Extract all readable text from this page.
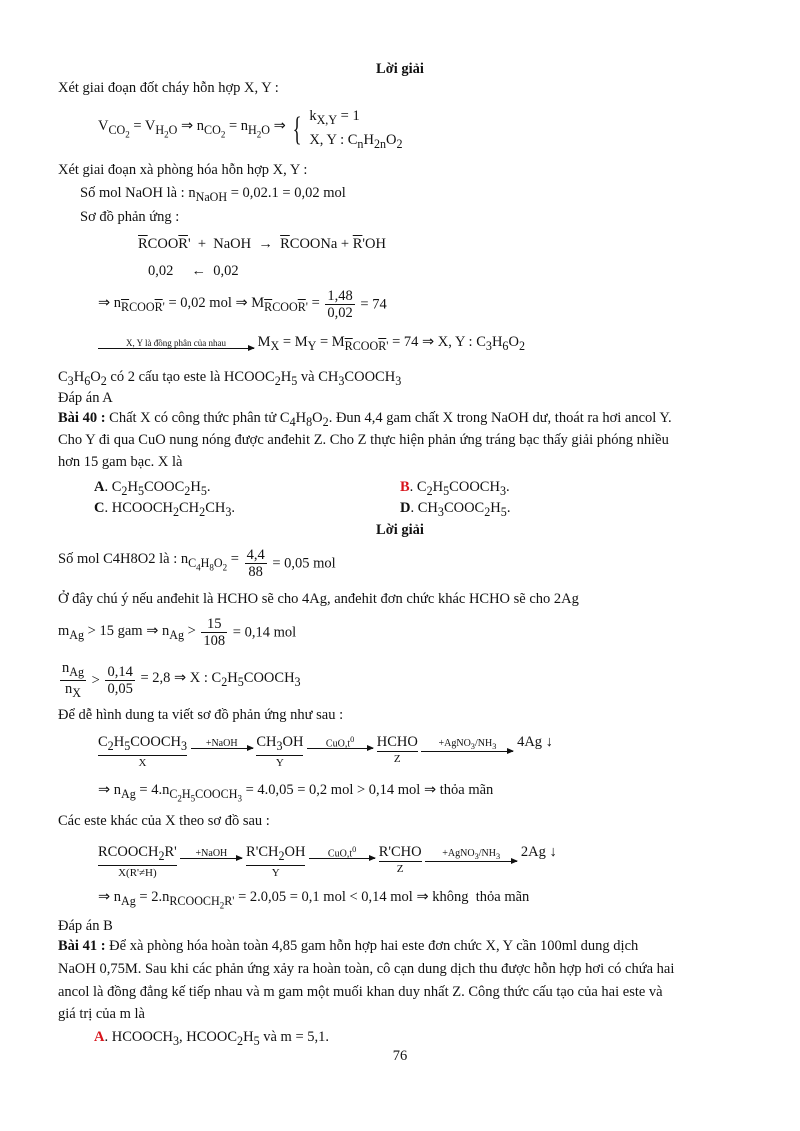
Lời giải
Xét giai đoạn đốt cháy hỗn hợp X, Y :
$V_{CO_2} = V_{H_2O}$ ⇒ $n_{CO_2} = n_{H_2O}$ ⇒ { $k_{X,Y} = 1$
X, Y : $C_nH_{2n}O_2$
Xét giai đoạn xà phòng hóa hỗn hợp X, Y :
Số mol NaOH là : $n_{NaOH} = 0,02.1 = 0,02$ mol
Sơ đồ phản ứng :
$\overline{R}COO\overline{R}'$  +  NaOH  →  $\overline{R}COONa + \overline{R}'OH$
0,02     ←  0,02
⇒ $n_{\overline{R}COO\overline{R}'} = 0,02$ mol ⇒ $M_{\overline{R}COO\overline{R}'} = \frac{1,48}{0,02} = 74$
X, Y là đồng phân của nhau	$M_X = M_Y = M_{\overline{R}COO\overline{R}'} = 74$ ⇒ X, Y : $C_3H_6O_2$
$C_3H_6O_2$ có 2 cấu tạo este là $HCOOC_2H_5$ và $CH_3COOCH_3$
Đáp án A
Bài 40 : Chất X có công thức phân tử $C_4H_8O_2$. Đun 4,4 gam chất X trong NaOH dư, thoát ra hơi ancol Y.
Cho Y đi qua CuO nung nóng được anđehit Z. Cho Z thực hiện phản ứng tráng bạc thấy giải phóng nhiều
hơn 15 gam bạc. X là
A. $C_2H_5COOC_2H_5$.	B. $C_2H_5COOCH_3$.
C. $HCOOCH_2CH_2CH_3$.	D. $CH_3COOC_2H_5$.
Lời giải
Số mol C4H8O2 là : $n_{C_4H_8O_2} = \frac{4,4}{88} = 0,05$ mol
Ở đây chú ý nếu anđehit là HCHO sẽ cho 4Ag, anđehit đơn chức khác HCHO sẽ cho 2Ag
$m_{Ag} > 15$ gam ⇒ $n_{Ag} > \frac{15}{108} = 0,14$ mol
$\frac{n_{Ag}}{n_X} > \frac{0,14}{0,05} = 2,8$ ⇒ X : $C_2H_5COOCH_3$
Để dễ hình dung ta viết sơ đồ phản ứng như sau :
$C_2H_5COOCH_3$
X

+NaOH
	$CH_3OH$
Y

$CuO,t^0$
	HCHO
Z

$+AgNO_3/NH_3$	4Ag ↓
⇒ $n_{Ag} = 4.n_{C_2H_5COOCH_3} = 4.0,05 = 0,2$ mol > 0,14 mol ⇒ thỏa mãn
Các este khác của X theo sơ đồ sau :
$RCOOCH_2R'$
X(R'≠H)

+NaOH
	$R'CH_2OH$
Y

$CuO,t^0$
	R'CHO
Z

$+AgNO_3/NH_3$	2Ag ↓
⇒ $n_{Ag} = 2.n_{RCOOCH_2R'} = 2.0,05 = 0,1$ mol < 0,14 mol ⇒ không  thỏa mãn
Đáp án B
Bài 41 : Để xà phòng hóa hoàn toàn 4,85 gam hỗn hợp hai este đơn chức X, Y cần 100ml dung dịch
NaOH 0,75M. Sau khi các phản ứng xảy ra hoàn toàn, cô cạn dung dịch thu được hỗn hợp hơi có chứa hai
ancol là đồng đẳng kế tiếp nhau và m gam một muối khan duy nhất Z. Công thức cấu tạo của hai este và
giá trị của m là
A. $HCOOCH_3$, $HCOOC_2H_5$ và m = 5,1.
76
